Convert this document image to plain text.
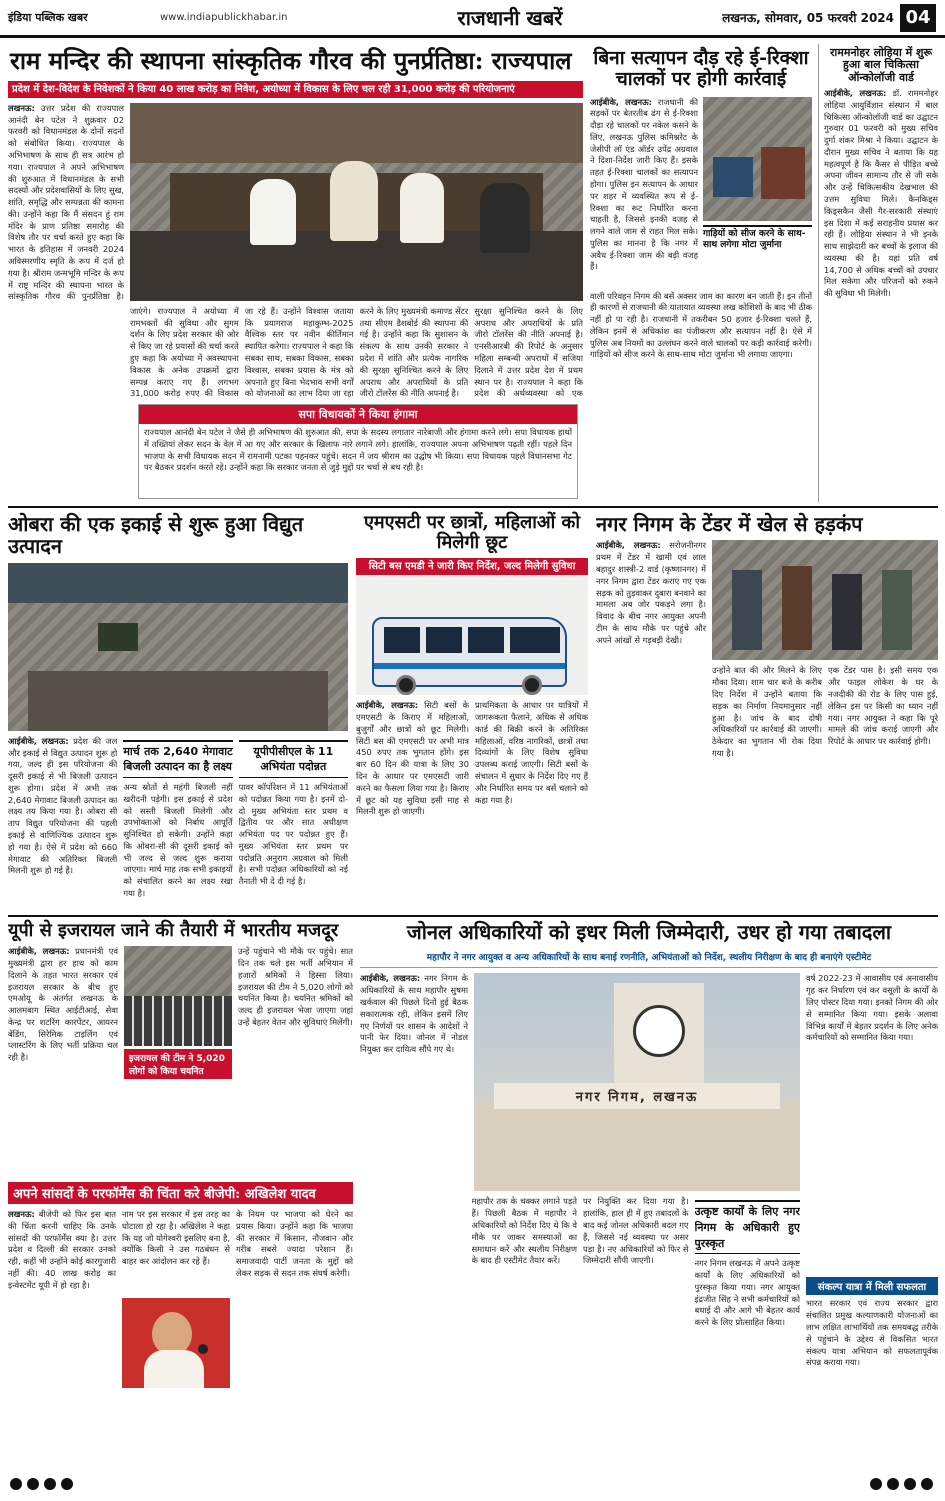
इंडिया पब्लिक खबर	www.indiapublickhabar.in	राजधानी खबरें	लखनऊ, सोमवार, 05 फरवरी 2024 04
राम मन्दिर की स्थापना सांस्कृतिक गौरव की पुनर्प्रतिष्ठा: राज्यपाल
प्रदेश में देश-विदेश के निवेशकों ने किया 40 लाख करोड़ का निवेश, अयोध्या में विकास के लिए चल रही 31,000 करोड़ की परियोजनाएं
लखनऊ: उत्तर प्रदेश की राज्यपाल आनंदी बेन पटेल ने शुक्रवार 02 फरवरी को विधानमंडल के दोनों सदनों को संबोधित किया। राज्यपाल के अभिभाषण के साथ ही सत्र आरंभ हो गया। राज्यपाल ने अपने अभिभाषण की शुरुआत में विधानमंडल के सभी सदस्यों और प्रदेशवासियों के लिए सुख, शांति, समृद्धि और सम्पन्नता की कामना की। उन्होंने कहा कि मैं संसदन हूं राम मंदिर के प्राण प्रतिष्ठा समारोह की विशेष तौर पर चर्चा करते हुए कहा कि भारत के इतिहास में जनवरी 2024 अविस्मरणीय स्मृति के रूप में दर्ज हो गया है। श्रीराम जन्मभूमि मन्दिर के रूप में राष्ट्र मन्दिर की स्थापना भारत के सांस्कृतिक गौरव की पुनर्प्रतिष्ठा है।
जाएंगे। राज्यपाल ने अयोध्या में रामभक्तों की सुविधा और सुगम दर्शन के लिए प्रदेश सरकार की ओर से किए जा रहे प्रयासों की चर्चा करते हुए कहा कि अयोध्या में अवस्थापना विकास के अनेक उपक्रमों द्वारा सम्पन्न कराए गए हैं। लगभग 31,000 करोड़ रुपए की विकास
जा रहे हैं। उन्होंने विश्वास जताया कि प्रयागराज महाकुम्भ-2025 वैश्विक स्तर पर नवीन कीर्तिमान स्थापित करेगा। राज्यपाल ने कहा कि सबका साथ, सबका विकास, सबका विश्वास, सबका प्रयास के मंत्र को अपनाते हुए बिना भेदभाव सभी वर्गों को योजनाओं का लाभ दिया जा रहा
करने के लिए मुख्यमंत्री कमाण्ड सेंटर तथा सीएम डैशबोर्ड की स्थापना की गई है। उन्होंने कहा कि सुशासन के संकल्प के साथ उनकी सरकार ने प्रदेश में शांति और प्रत्येक नागरिक की सुरक्षा सुनिश्चित करने के लिए अपराध और अपराधियों के प्रति जीरो टॉलरेंस की नीति अपनाई है।
सुरक्षा सुनिश्चित करने के लिए अपराध और अपराधियों के प्रति जीरो टॉलरेंस की नीति अपनाई है। एनसीआरबी की रिपोर्ट के अनुसार महिला सम्बन्धी अपराधों में सजिया दिलाने में उत्तर प्रदेश देश में प्रथम स्थान पर है। राज्यपाल ने कहा कि प्रदेश की अर्थव्यवस्था को एक
सपा विधायकों ने किया हंगामा
राज्यपाल आनंदी बेन पटेल ने जैसे ही अभिभाषण की शुरुआत की, सपा के सदस्य लगातार नारेबाजी और हंगामा करने लगे। सपा विधायक हाथों में तख्तियां लेकर सदन के वेल में आ गए और सरकार के खिलाफ नारे लगाने लगे। हालांकि, राज्यपाल अपना अभिभाषण पढ़ती रहीं। पहले दिन भाजपा के सभी विधायक सदन में रामनामी पटका पहनकर पहुंचे। सदन में जय श्रीराम का उद्घोष भी किया। सपा विधायक पहले विधानसभा गेट पर बैठकर प्रदर्शन करते रहे। उन्होंने कहा कि सरकार जनता से जुड़े मुद्दों पर चर्चा से बच रही है।
बिना सत्यापन दौड़ रहे ई-रिक्शा चालकों पर होगी कार्रवाई
आईबीके, लखनऊ: राजधानी की सड़कों पर बेतरतीब ढंग से ई-रिक्शा दौड़ा रहे चालकों पर नकेल कसने के लिए, लखनऊ पुलिस कमिश्नरेट के जेसीपी लॉ एंड ऑर्डर उपेंद्र अग्रवाल ने दिशा-निर्देश जारी किए हैं। इसके तहत ई-रिक्शा चालकों का सत्यापन होगा। पुलिस इन सत्यापन के आधार पर शहर में व्यवस्थित रूप से ई-रिक्शा का रूट निर्धारित करना चाहती है, जिससे इनकी वजह से लगने वाले जाम से राहत मिल सके। पुलिस का मानना है कि नगर में अवैध ई-रिक्शा जाम की बड़ी वजह हैं।
गाड़ियों को सीज करने के साथ-साथ लगेगा मोटा जुर्माना
वाली परिवहन निगम की बसें अक्सर जाम का कारण बन जाती हैं। इन तीनों ही कारणों से राजधानी की यातायात व्यवस्था लख कोशिशों के बाद भी ठीक नहीं हो पा रही है। राजधानी में तकरीबन 50 हजार ई-रिक्शा चलते हैं, लेकिन इनमें से अधिकांश का पंजीकरण और सत्यापन नहीं है। ऐसे में पुलिस अब नियमों का उल्लंघन करने वाले चालकों पर कड़ी कार्रवाई करेगी। गाड़ियों को सीज करने के साथ-साथ मोटा जुर्माना भी लगाया जाएगा।
राममनोहर लोहिया में शुरू हुआ बाल चिकित्सा ऑन्कोलॉजी वार्ड
आईबीके, लखनऊ: डॉ. राममनोहर लोहिया आयुर्विज्ञान संस्थान में बाल चिकित्सा ऑन्कोलॉजी वार्ड का उद्घाटन गुरुवार 01 फरवरी को मुख्य सचिव दुर्गा शंकर मिश्रा ने किया। उद्घाटन के दौरान मुख्य सचिव ने बताया कि यह महत्वपूर्ण है कि कैंसर से पीड़ित बच्चे अपना जीवन सामान्य तौर से जी सके और उन्हें चिकित्सकीय देखभाल की उत्तम सुविधा मिले। कैनकिड्स किड्सकैन जैसी गैर-सरकारी संस्थाएं इस दिशा में कई सराहनीय प्रयास कर रही हैं। लोहिया संस्थान ने भी इनके साथ साझेदारी कर बच्चों के इलाज की व्यवस्था की है। यहां प्रति वर्ष 14,700 से अधिक बच्चों को उपचार मिल सकेगा और परिजनों को रुकने की सुविधा भी मिलेगी।
ओबरा की एक इकाई से शुरू हुआ विद्युत उत्पादन
आईबीके, लखनऊ: प्रदेश की जल और इकाई से विद्युत उत्पादन शुरू हो गया, जल्द ही इस परियोजना की दूसरी इकाई से भी बिजली उत्पादन शुरू होगा। प्रदेश में अभी तक 2,640 मेगावाट बिजली उत्पादन का लक्ष्य तय किया गया है। ओबरा सी ताप विद्युत परियोजना की पहली इकाई से वाणिज्यिक उत्पादन शुरू हो गया है। ऐसे में प्रदेश को 660 मेगावाट की अतिरिक्त बिजली मिलनी शुरू हो गई है।
मार्च तक 2,640 मेगावाट बिजली उत्पादन का है लक्ष्य
अन्य स्रोतों से महंगी बिजली नहीं खरीदनी पड़ेगी। इस इकाई से प्रदेश को सस्ती बिजली मिलेगी और उपभोक्ताओं को निर्बाध आपूर्ति सुनिश्चित हो सकेगी। उन्होंने कहा कि ओबरा-सी की दूसरी इकाई को भी जल्द से जल्द शुरू कराया जाएगा। मार्च माह तक सभी इकाइयों को संचालित करने का लक्ष्य रखा गया है।
यूपीपीसीएल के 11 अभियंता पदोन्नत
पावर कॉर्पोरेशन में 11 अभियंताओं को पदोन्नत किया गया है। इनमें दो-दो मुख्य अभियंता स्तर प्रथम व द्वितीय पर और सात अधीक्षण अभियंता पद पर पदोन्नत हुए हैं। मुख्य अभियंता स्तर प्रथम पर पदोन्नति अनुराग अग्रवाल को मिली है। सभी पदोन्नत अधिकारियों को नई तैनाती भी दे दी गई है।
एमएसटी पर छात्रों, महिलाओं को मिलेगी छूट
सिटी बस एमडी ने जारी किए निर्देश, जल्द मिलेगी सुविधा
आईबीके, लखनऊ: सिटी बसों के एमएसटी के किराए में महिलाओं, बुजुर्गों और छात्रों को छूट मिलेगी। सिटी बस की एमएसटी पर अभी मात्र 450 रुपए तक भुगतान होंगे। इस बार 60 दिन की यात्रा के लिए 30 दिन के आधार पर एमएसटी जारी करने का फैसला लिया गया है। किराए में छूट को यह सुविधा इसी माह से मिलनी शुरू हो जाएगी।
प्राथमिकता के आधार पर यात्रियों में जागरूकता फैलाने, अधिक से अधिक कार्ड की बिक्री करने के अतिरिक्त महिलाओं, वरिष्ठ नागरिकों, छात्रों तथा दिव्यांगों के लिए विशेष सुविधा उपलब्ध कराई जाएगी। सिटी बसों के संचालन में सुधार के निर्देश दिए गए हैं और निर्धारित समय पर बसें चलाने को कहा गया है।
नगर निगम के टेंडर में खेल से हड़कंप
आईबीके, लखनऊ: सरोजनीनगर प्रथम में टेंडर में खामी एवं लाल बहादुर शास्त्री-2 वार्ड (कृष्णानगर) में नगर निगम द्वारा टेंडर कराए गए एक सड़क को तुड़वाकर दुबारा बनवाने का मामला अब जोर पकड़ने लगा है। विवाद के बीच नगर आयुक्त अपनी टीम के साथ मौके पर पहुंचे और अपने आंखों से गड़बड़ी देखी।
उन्होंने बात की और मिलने के लिए मौका दिया। शाम चार बजे के करीब दिए निर्देश में उन्होंने बताया कि सड़क का निर्माण नियमानुसार नहीं हुआ है। जांच के बाद दोषी अधिकारियों पर कार्रवाई की जाएगी। ठेकेदार का भुगतान भी रोक दिया गया है।
एक टेंडर पास है। इसी समय एक और फाइल लोकेश के घर के नजदीकी की रोड के लिए पास हुई, लेकिन इस पर किसी का ध्यान नहीं गया। नगर आयुक्त ने कहा कि पूरे मामले की जांच कराई जाएगी और रिपोर्ट के आधार पर कार्रवाई होगी।
यूपी से इजरायल जाने की तैयारी में भारतीय मजदूर
आईबीके, लखनऊ: प्रधानमंत्री एवं मुख्यमंत्री द्वारा हर हाथ को काम दिलाने के तहत भारत सरकार एवं इजरायल सरकार के बीच हुए एमओयू के अंतर्गत लखनऊ के आलमबाग स्थित आईटीआई, सेवा केन्द्र पर शटरिंग कारपेंटर, आयरन बेंडिंग, सिरेमिक टाइलिंग एवं प्लास्टरिंग के लिए भर्ती प्रक्रिया चल रही है।	इजरायल की टीम ने 5,020 लोगों को किया चयनित
उन्हें पहुंचाने भी मौके पर पहुंचे। सात दिन तक चले इस भर्ती अभियान में हजारों श्रमिकों ने हिस्सा लिया। इजरायल की टीम ने 5,020 लोगों को चयनित किया है। चयनित श्रमिकों को जल्द ही इजरायल भेजा जाएगा जहां उन्हें बेहतर वेतन और सुविधाएं मिलेंगी।
जोनल अधिकारियों को इधर मिली जिम्मेदारी, उधर हो गया तबादला
महापौर ने नगर आयुक्त व अन्य अधिकारियों के साथ बनाई रणनीति, अभियंताओं को निर्देश, स्थलीय निरीक्षण के बाद ही बनाएंगे एस्टीमेट
आईबीके, लखनऊ: नगर निगम के अधिकारियों के साथ महापौर सुषमा खर्कवाल की पिछले दिनों हुई बैठक सकारात्मक रही, लेकिन इसमें लिए गए निर्णयों पर शासन के आदेशों ने पानी फेर दिया। जोनल में नोडल नियुक्त कर दायित्व सौंपे गए थे।
नगर निगम, लखनऊ
महापौर तक के चक्कर लगाने पड़ते हैं। पिछली बैठक में महापौर ने अधिकारियों को निर्देश दिए थे कि वे मौके पर जाकर समस्याओं का समाधान करें और स्थलीय निरीक्षण के बाद ही एस्टीमेट तैयार करें।
पर नियुक्ति कर दिया गया है। हालांकि, हाल ही में हुए तबादलों के बाद कई जोनल अधिकारी बदल गए हैं, जिससे नई व्यवस्था पर असर पड़ा है। नए अधिकारियों को फिर से जिम्मेदारी सौंपी जाएगी।
उत्कृष्ट कार्यों के लिए नगर निगम के अधिकारी हुए पुरस्कृत
नगर निगम लखनऊ में अपने उत्कृष्ट कार्यों के लिए अधिकारियों को पुरस्कृत किया गया। नगर आयुक्त इंद्रजीत सिंह ने सभी कर्मचारियों को बधाई दी और आगे भी बेहतर कार्य करने के लिए प्रोत्साहित किया।
वर्ष 2022-23 में आवासीय एवं अनावासीय गृह कर निर्धारण एवं कर वसूली के कार्यों के लिए पोस्टर दिया गया। इनको निगम की ओर से सम्मानित किया गया। इसके अलावा विभिन्न कार्यों में बेहतर प्रदर्शन के लिए अनेक कर्मचारियों को सम्मानित किया गया।
संकल्प यात्रा में मिली सफलता
भारत सरकार एवं राज्य सरकार द्वारा संचालित प्रमुख कल्याणकारी योजनाओं का लाभ लक्षित लाभार्थियों तक समयबद्ध तरीके से पहुंचाने के उद्देश्य से विकसित भारत संकल्प यात्रा अभियान को सफलतापूर्वक संपन्न कराया गया।
अपने सांसदों के परफॉर्मेंस की चिंता करे बीजेपी: अखिलेश यादव
लखनऊ: बीजेपी को फिर इस बात की चिंता करनी चाहिए कि उनके सांसदों की परफॉर्मेंस क्या है। उत्तर प्रदेश व दिल्ली की सरकार उनको रही, कहीं भी उन्होंने कोई कारगुजारी नहीं की। 40 लाख करोड़ का इन्वेस्टमेंट यूपी में हो रहा है।
नाम पर इस सरकार में इस तरह का घोटाला हो रहा है। अखिलेश ने कहा कि यह जो योगेश्वरी इसलिए बना है, क्योंकि किसी ने उस गठबंधन से बाहर कर आंदोलन कर रहे हैं।
के नियम पर भाजपा को घेरने का प्रयास किया। उन्होंने कहा कि भाजपा की सरकार में किसान, नौजवान और गरीब सबसे ज्यादा परेशान हैं। समाजवादी पार्टी जनता के मुद्दों को लेकर सड़क से सदन तक संघर्ष करेगी।
